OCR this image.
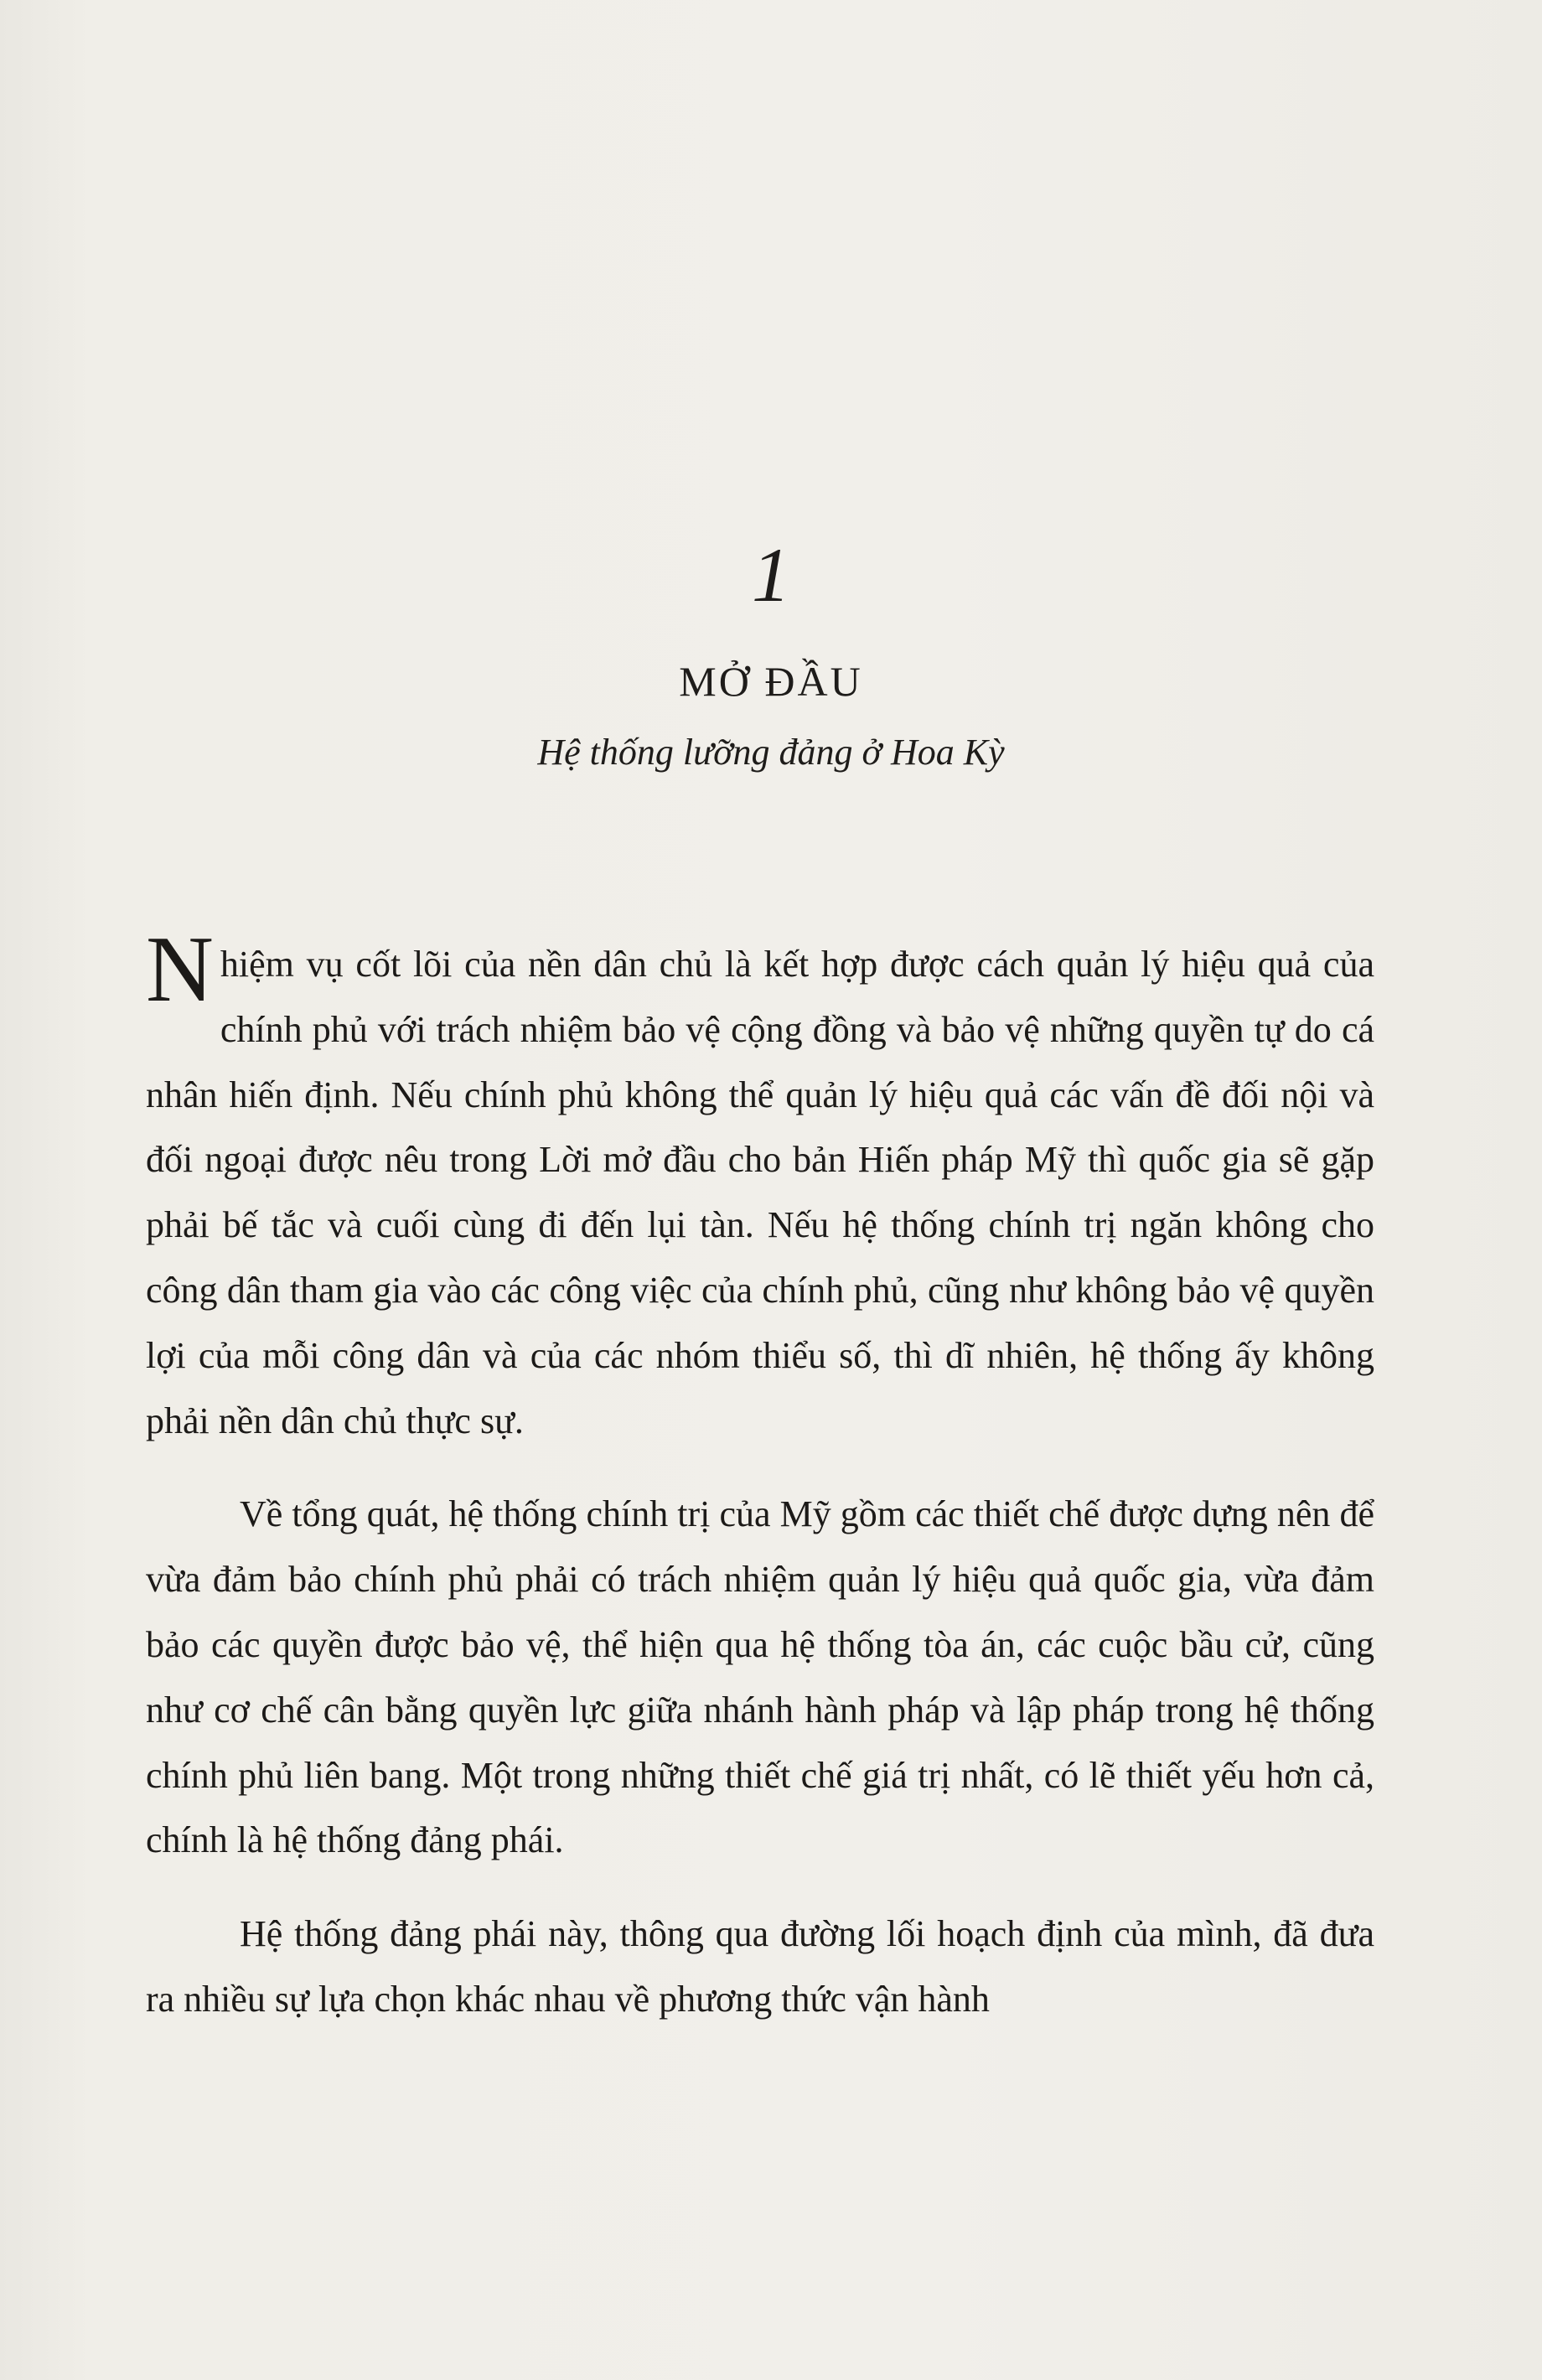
1
MỞ ĐẦU
Hệ thống lưỡng đảng ở Hoa Kỳ

Nhiệm vụ cốt lõi của nền dân chủ là kết hợp được cách quản lý hiệu quả của chính phủ với trách nhiệm bảo vệ cộng đồng và bảo vệ những quyền tự do cá nhân hiến định. Nếu chính phủ không thể quản lý hiệu quả các vấn đề đối nội và đối ngoại được nêu trong Lời mở đầu cho bản Hiến pháp Mỹ thì quốc gia sẽ gặp phải bế tắc và cuối cùng đi đến lụi tàn. Nếu hệ thống chính trị ngăn không cho công dân tham gia vào các công việc của chính phủ, cũng như không bảo vệ quyền lợi của mỗi công dân và của các nhóm thiểu số, thì dĩ nhiên, hệ thống ấy không phải nền dân chủ thực sự.

Về tổng quát, hệ thống chính trị của Mỹ gồm các thiết chế được dựng nên để vừa đảm bảo chính phủ phải có trách nhiệm quản lý hiệu quả quốc gia, vừa đảm bảo các quyền được bảo vệ, thể hiện qua hệ thống tòa án, các cuộc bầu cử, cũng như cơ chế cân bằng quyền lực giữa nhánh hành pháp và lập pháp trong hệ thống chính phủ liên bang. Một trong những thiết chế giá trị nhất, có lẽ thiết yếu hơn cả, chính là hệ thống đảng phái.

Hệ thống đảng phái này, thông qua đường lối hoạch định của mình, đã đưa ra nhiều sự lựa chọn khác nhau về phương thức vận hành
